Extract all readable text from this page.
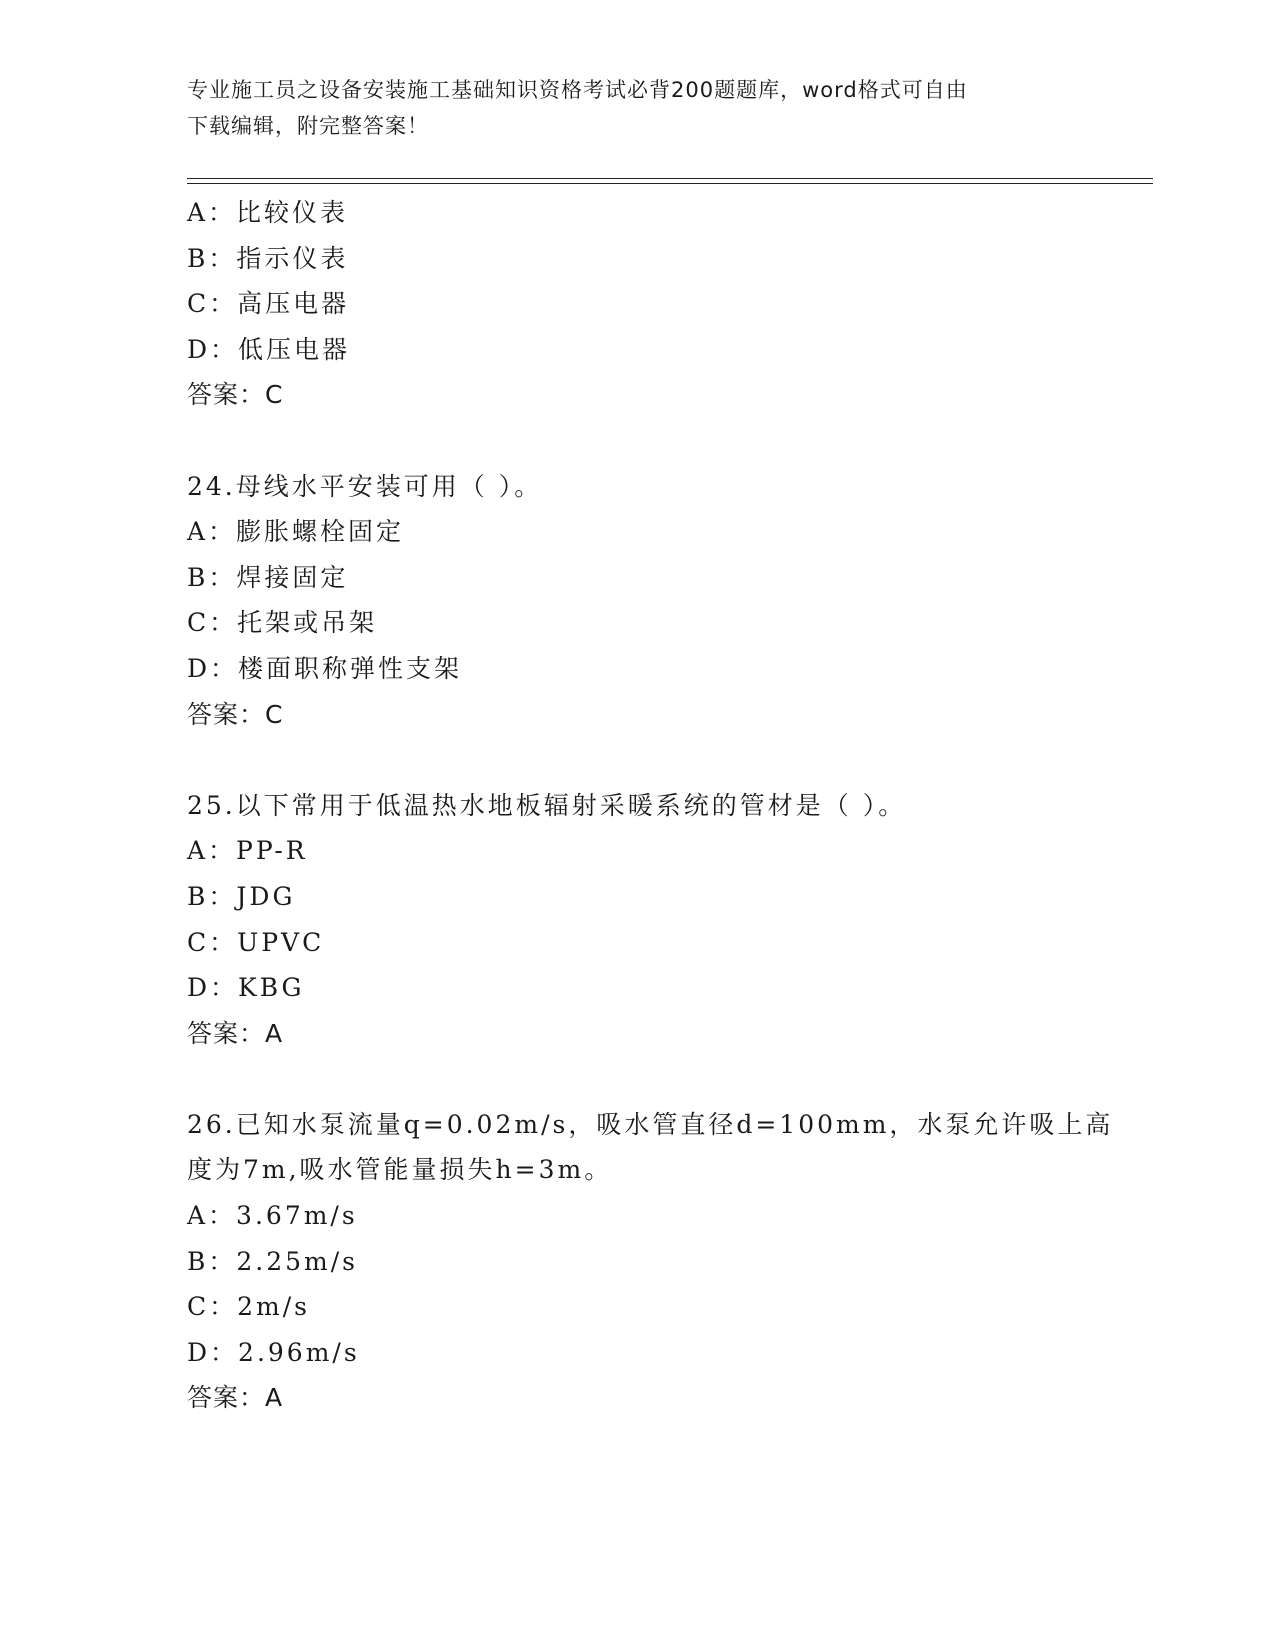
专业施工员之设备安装施工基础知识资格考试必背200题题库，word格式可自由
下载编辑，附完整答案！
A：比较仪表
B：指示仪表
C：高压电器
D：低压电器
答案：C
24.母线水平安装可用（ ）。
A：膨胀螺栓固定
B：焊接固定
C：托架或吊架
D：楼面职称弹性支架
答案：C
25.以下常用于低温热水地板辐射采暖系统的管材是（ ）。
A：PP-R
B：JDG
C：UPVC
D：KBG
答案：A
26.已知水泵流量q=0.02m/s，吸水管直径d=100mm，水泵允许吸上高
度为7m,吸水管能量损失h=3m。
A：3.67m/s
B：2.25m/s
C：2m/s
D：2.96m/s
答案：A
